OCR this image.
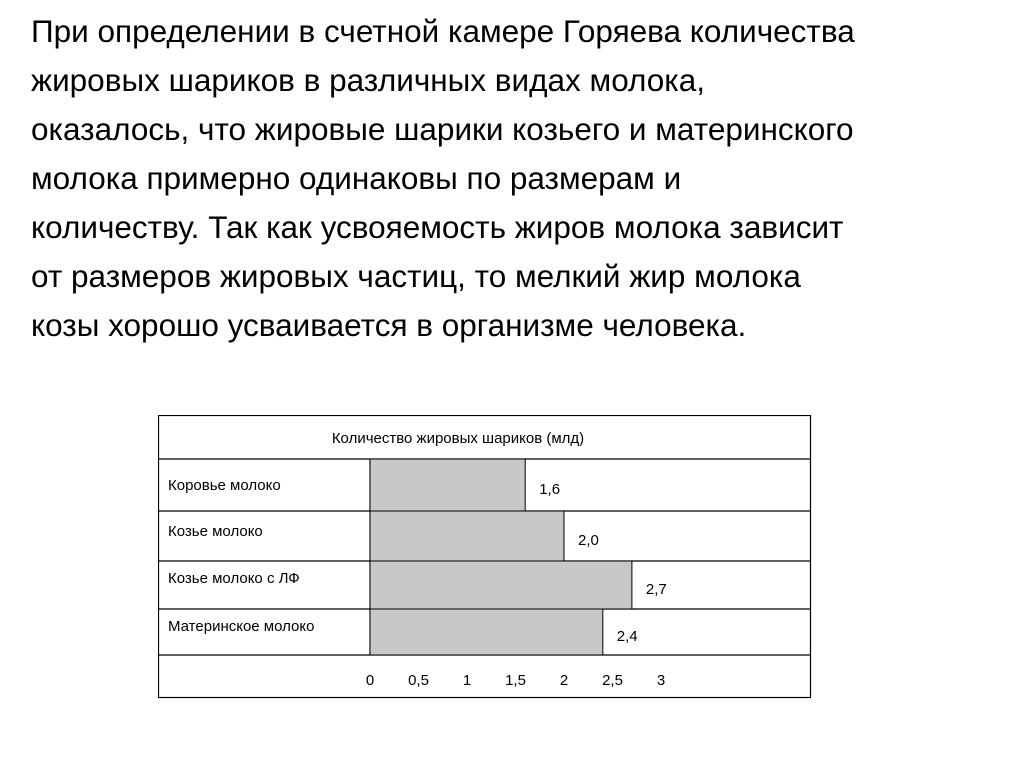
При определении в счетной камере Горяева количества
жировых шариков в различных видах молока,
оказалось, что жировые шарики козьего и материнского
молока примерно одинаковы по размерам и
количеству. Так как усвояемость жиров молока зависит
от размеров жировых частиц, то мелкий жир молока
козы хорошо усваивается в организме человека.

Количество жировых шариков (млд)
Коровье молоко
Козье молоко
Козье молоко с ЛФ
Материнское молоко
1,6
2,0
2,7
2,4
0 0,5 1 1,5 2 2,5 3
